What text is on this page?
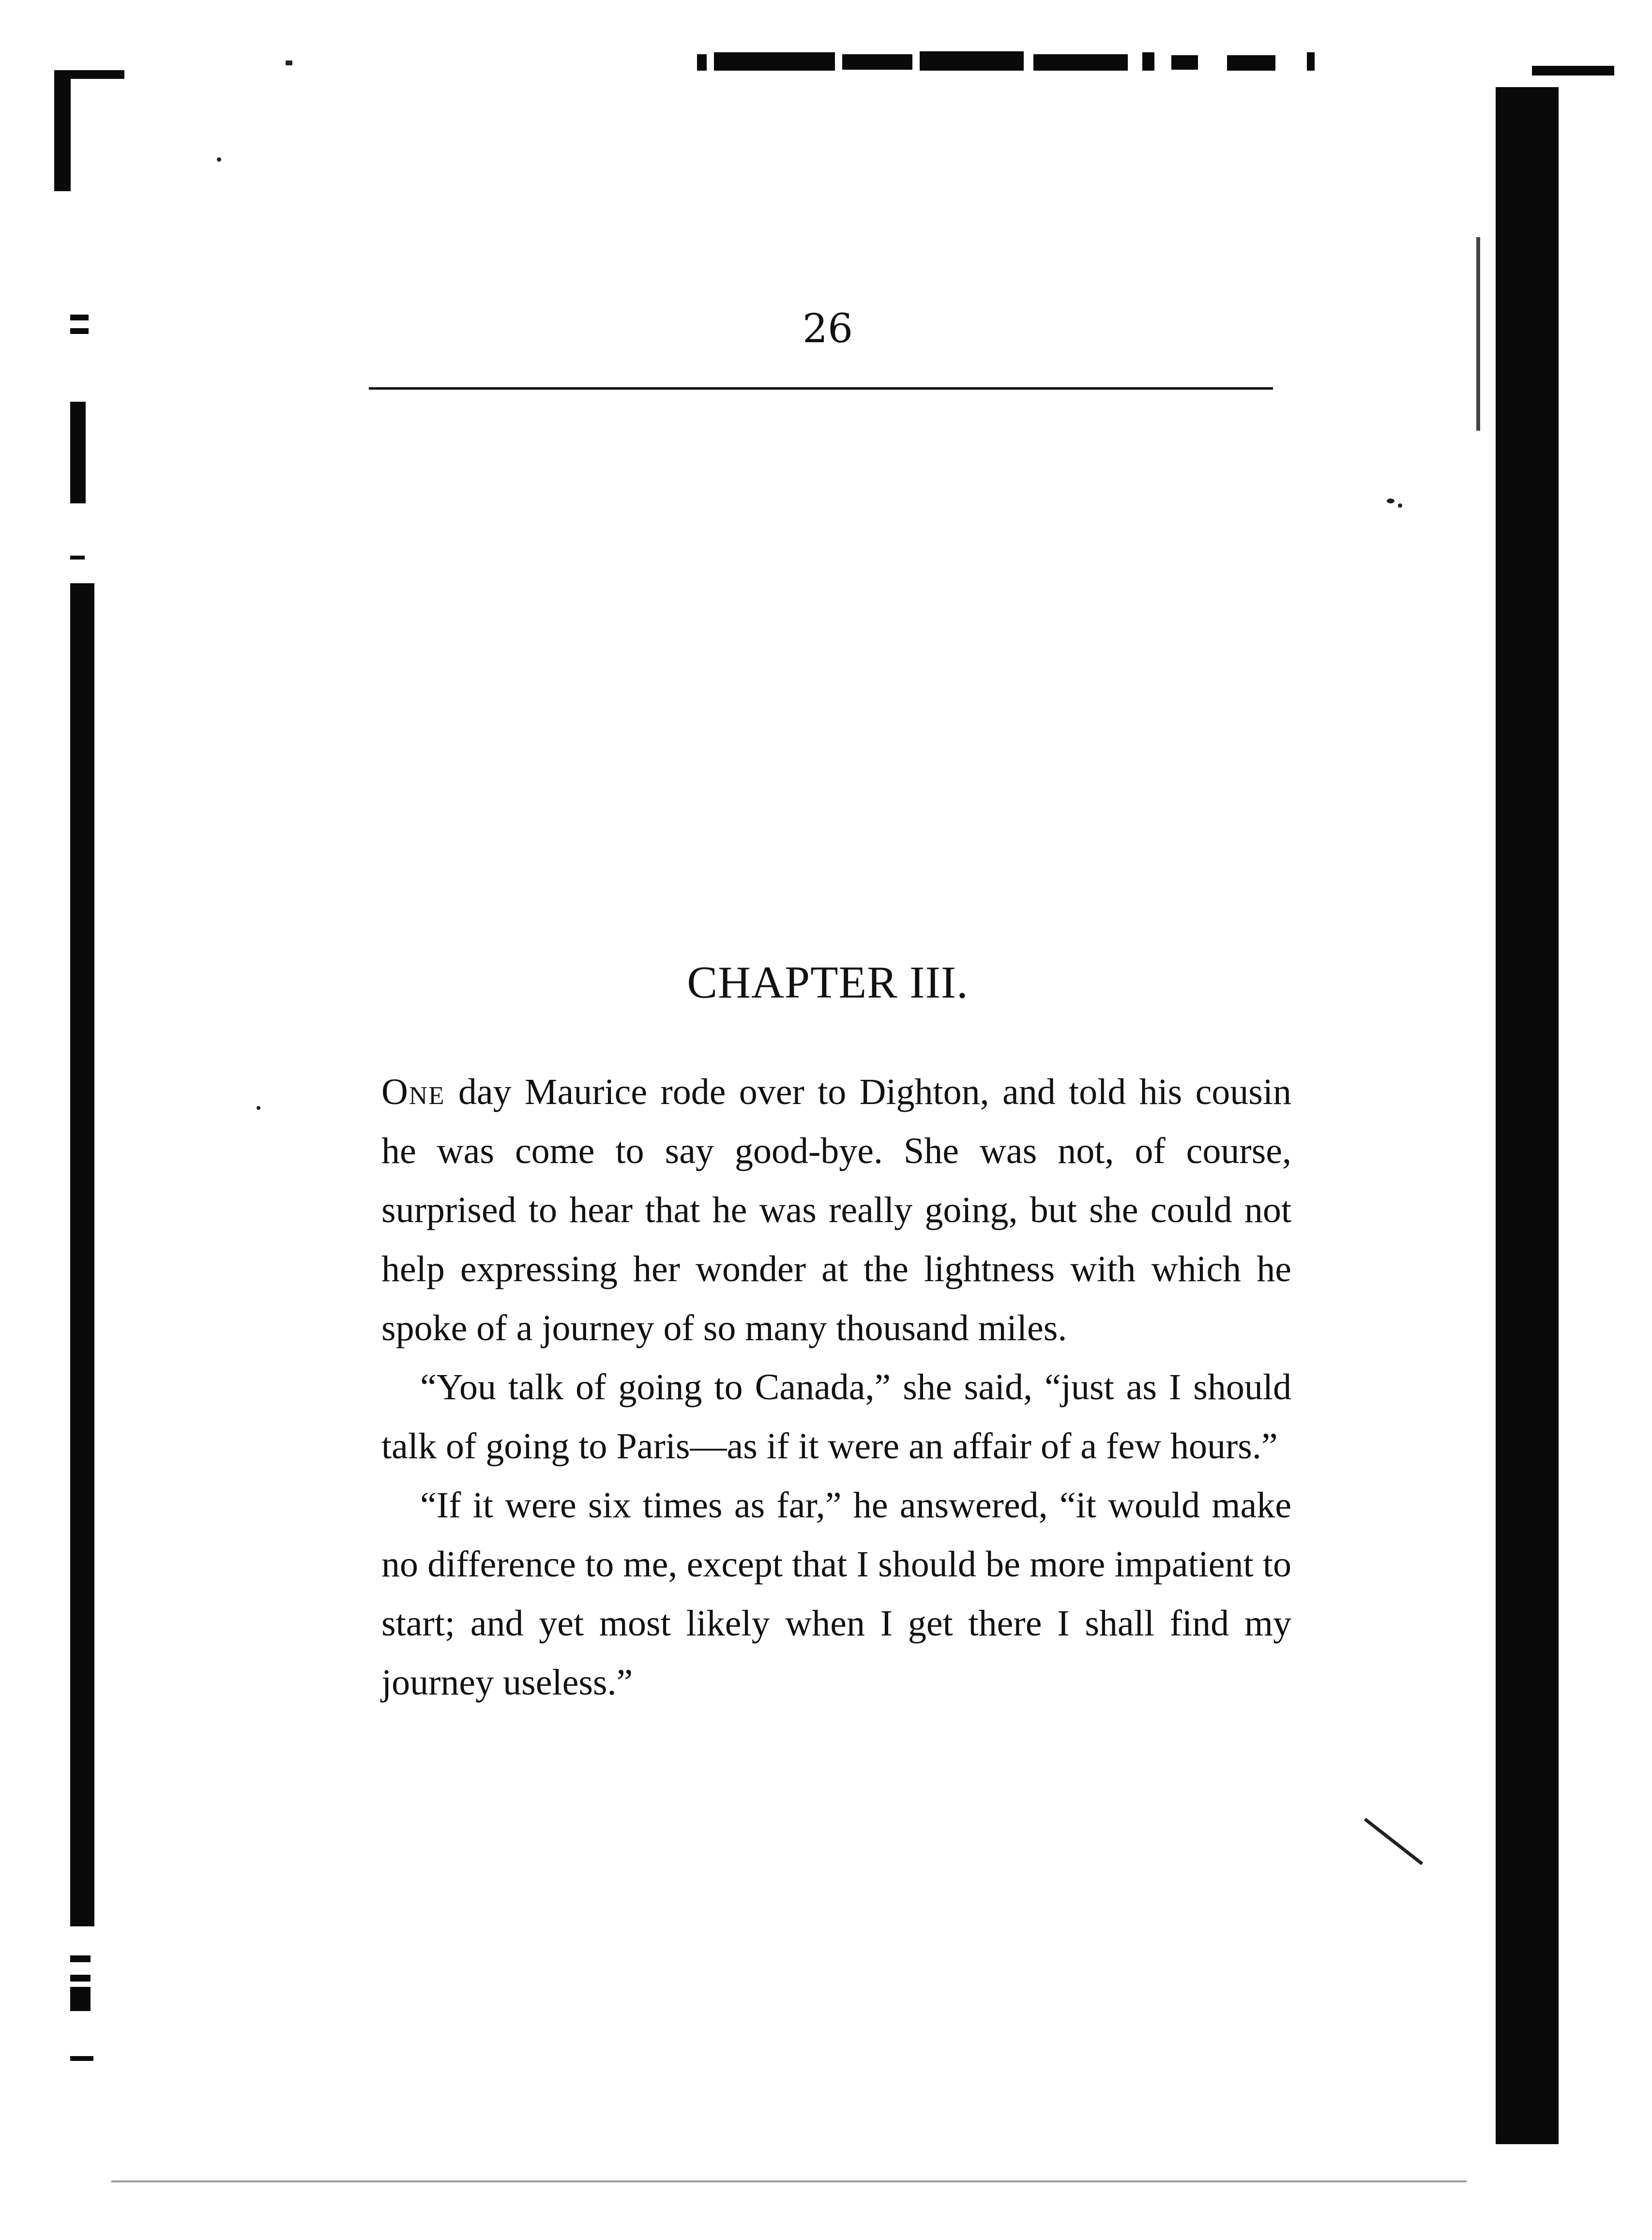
26
CHAPTER III.

One day Maurice rode over to Dighton, and told his cousin he was come to say good-bye. She was not, of course, surprised to hear that he was really going, but she could not help expressing her wonder at the lightness with which he spoke of a journey of so many thousand miles.

“You talk of going to Canada,” she said, “just as I should talk of going to Paris—as if it were an affair of a few hours.”

“If it were six times as far,” he answered, “it would make no difference to me, except that I should be more impatient to start; and yet most likely when I get there I shall find my journey useless.”
